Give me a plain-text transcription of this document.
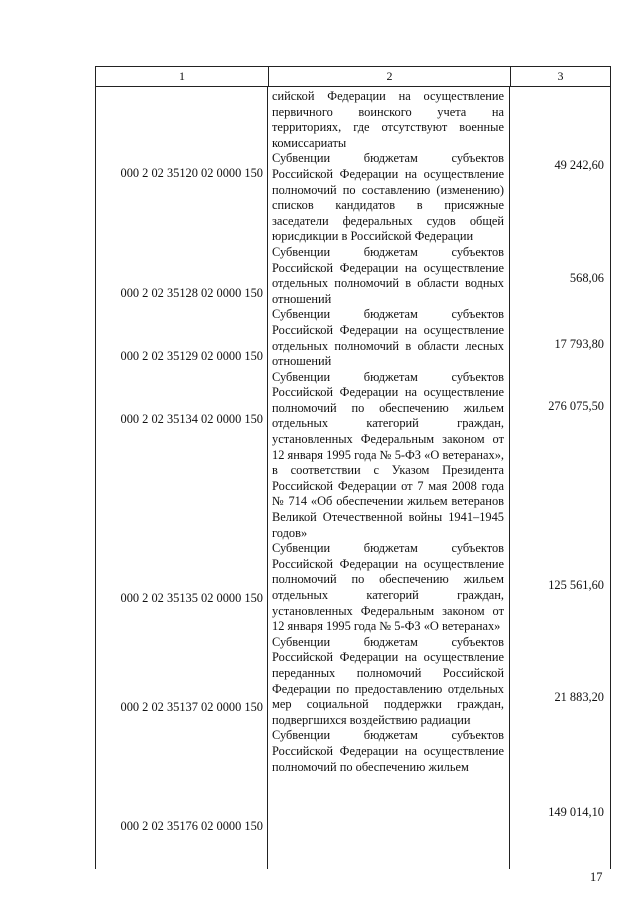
1	2	3

сийской Федерации на осуществление первичного воинского учета на территориях, где отсутствуют военные комиссариаты

Субвенции бюджетам субъектов Российской Федерации на осуществление полномочий по составлению (изменению) списков кандидатов в присяжные заседатели федеральных судов общей юрисдикции в Российской Федерации

Субвенции бюджетам субъектов Российской Федерации на осуществление отдельных полномочий в области водных отношений

Субвенции бюджетам субъектов Российской Федерации на осуществление отдельных полномочий в области лесных отношений

Субвенции бюджетам субъектов Российской Федерации на осуществление полномочий по обеспечению жильем отдельных категорий граждан, установленных Федеральным законом от 12 января 1995 года № 5-ФЗ «О ветеранах», в соответствии с Указом Президента Российской Федерации от 7 мая 2008 года № 714 «Об обеспечении жильем ветеранов Великой Отечественной войны 1941–1945 годов»

Субвенции бюджетам субъектов Российской Федерации на осуществление полномочий по обеспечению жильем отдельных категорий граждан, установленных Федеральным законом от 12 января 1995 года № 5-ФЗ «О ветеранах»

Субвенции бюджетам субъектов Российской Федерации на осуществление переданных полномочий Российской Федерации по предоставлению отдельных мер социальной поддержки граждан, подвергшихся воздействию радиации

Субвенции бюджетам субъектов Российской Федерации на осуществление полномочий по обеспечению жильем

000 2 02 35120 02 0000 150
000 2 02 35128 02 0000 150
000 2 02 35129 02 0000 150
000 2 02 35134 02 0000 150
000 2 02 35135 02 0000 150
000 2 02 35137 02 0000 150
000 2 02 35176 02 0000 150
49 242,60
568,06
17 793,80
276 075,50
125 561,60
21 883,20
149 014,10
17
